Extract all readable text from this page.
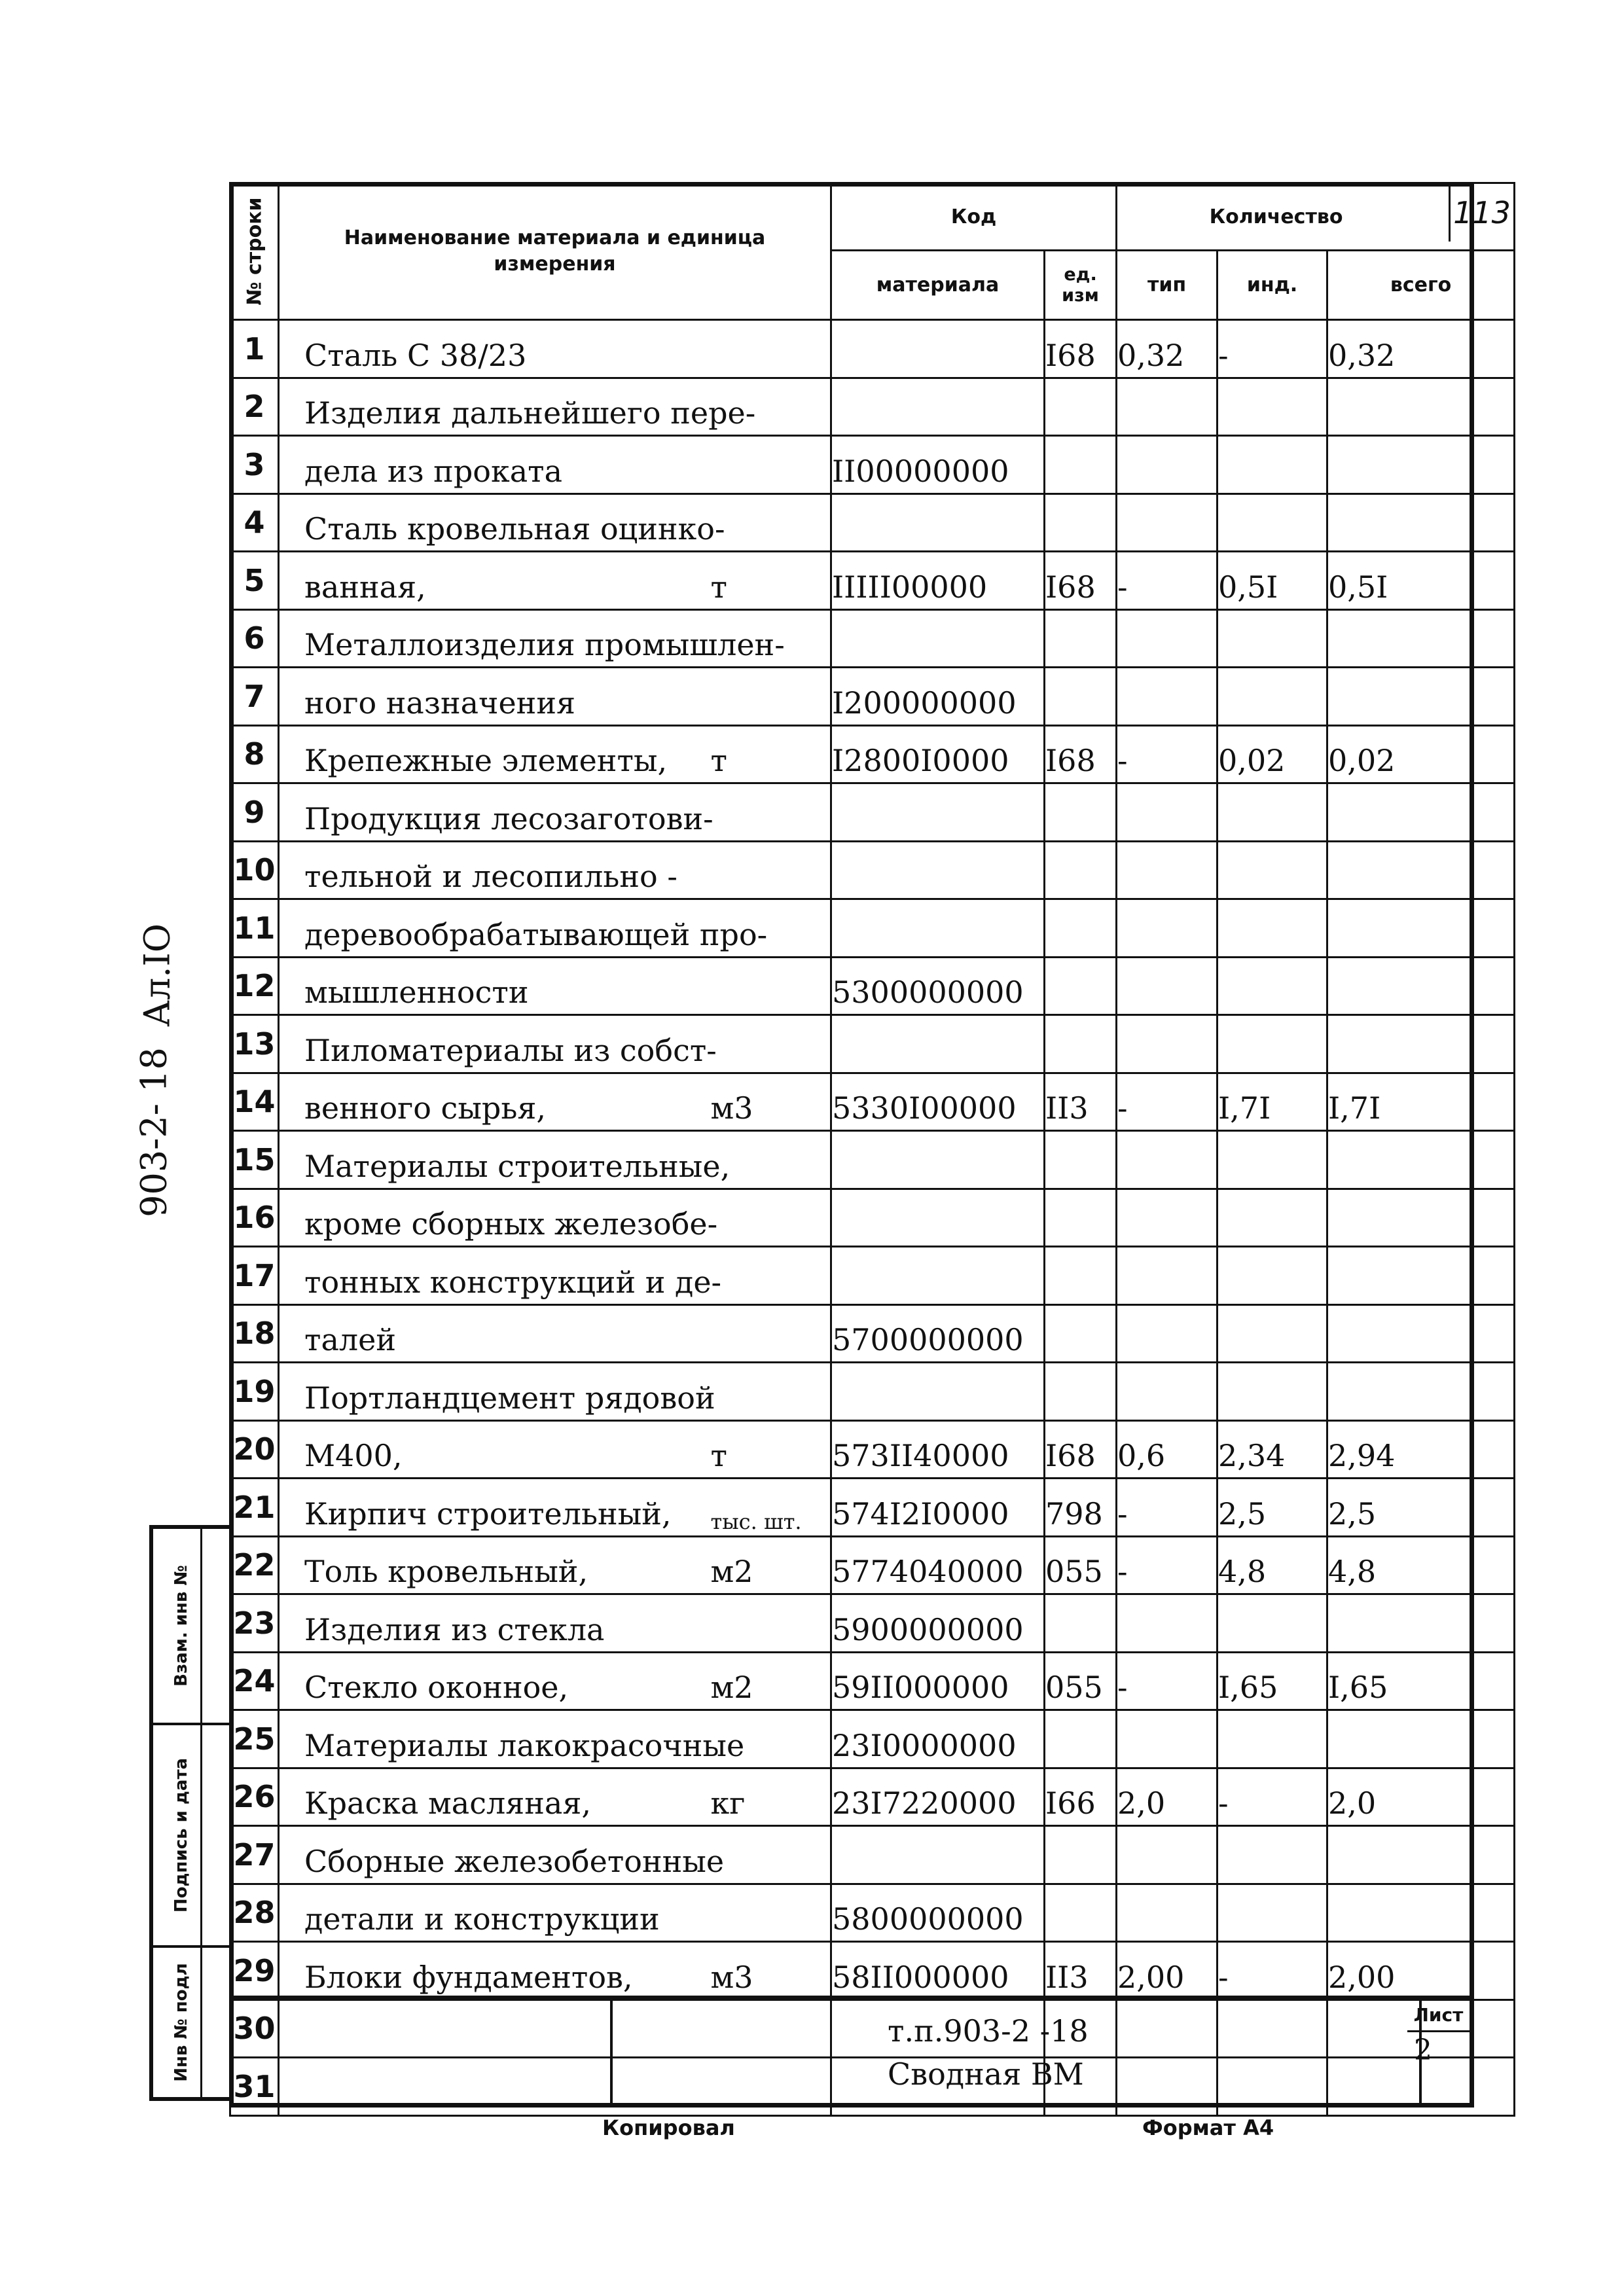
903-2- 18
Ал.IO
Взам. инв №
Подпись и дата
Инв № подл
№ строки	Наименование материала и единица измерения		Код		Количество 113		

			материала	ед. изм	тип	инд.	всего
1	Сталь С 38/23			I68	0,32	-	0,32
2	Изделия дальнейшего пере-						
3	дела из проката		II00000000				
4	Сталь кровельная оцинко-						
5	ванная,	т	IIIII00000	I68	-	0,5I	0,5I
6	Металлоизделия промышлен-						
7	ного назначения		I200000000				
8	Крепежные элементы,	т	I2800I0000	I68	-	0,02	0,02
9	Продукция лесозаготови-						
10	тельной и лесопильно -						
11	деревообрабатывающей про-						
12	мышленности		5300000000				
13	Пиломатериалы из собст-						
14	венного сырья,	м3	5330I00000	II3	-	I,7I	I,7I
15	Материалы строительные,						
16	кроме сборных железобе-						
17	тонных конструкций и де-						
18	талей		5700000000				
19	Портландцемент рядовой						
20	М400,	т	573II40000	I68	0,6	2,34	2,94
21	Кирпич строительный,	тыс. шт.	574I2I0000	798	-	2,5	2,5
22	Толь кровельный,	м2	5774040000	055	-	4,8	4,8
23	Изделия из стекла		5900000000				
24	Стекло оконное,	м2	59II000000	055	-	I,65	I,65
25	Материалы лакокрасочные		23I0000000				
26	Краска масляная,	кг	23I7220000	I66	2,0	-	2,0
27	Сборные железобетонные						
28	детали и конструкции		5800000000				
29	Блоки фундаментов,	м3	58II000000	II3	2,00	-	2,00
30							
31							
т.п.903-2 -18
Сводная ВМ
Лист
2
Копировал	Формат А4
